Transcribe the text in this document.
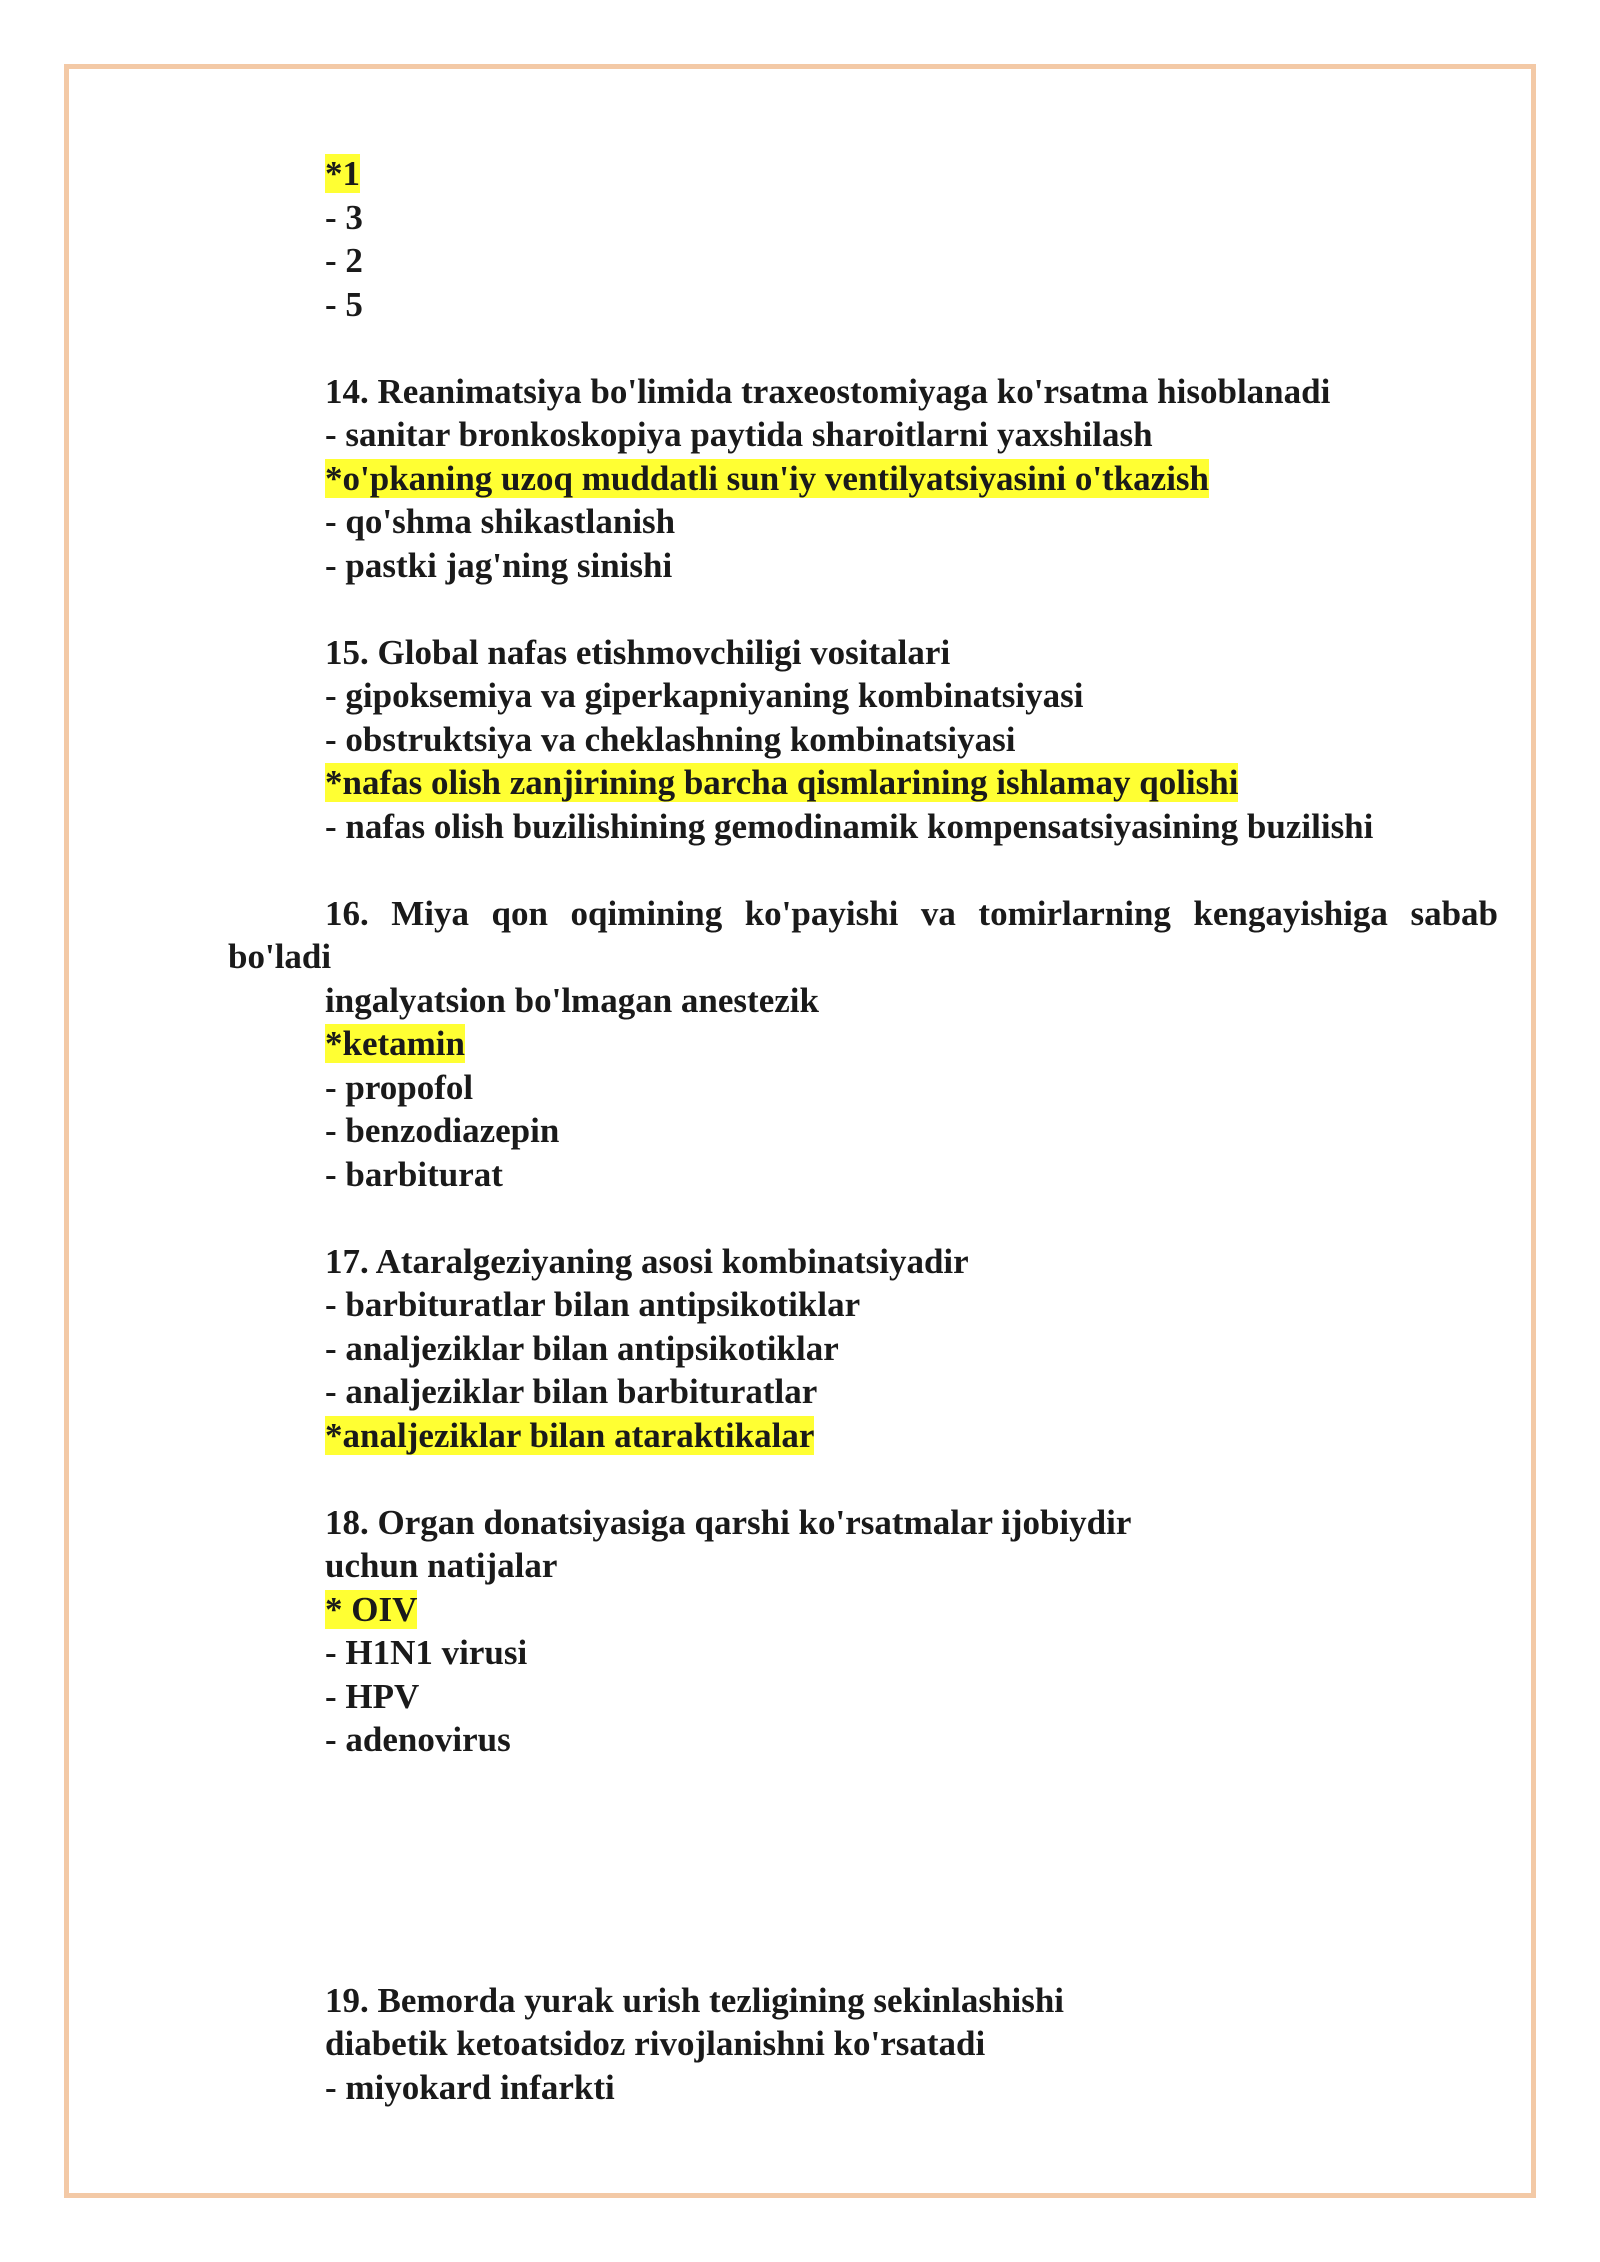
*1
- 3
- 2
- 5
14. Reanimatsiya bo'limida traxeostomiyaga ko'rsatma hisoblanadi
- sanitar bronkoskopiya paytida sharoitlarni yaxshilash
*o'pkaning uzoq muddatli sun'iy ventilyatsiyasini o'tkazish
- qo'shma shikastlanish
- pastki jag'ning sinishi
15. Global nafas etishmovchiligi vositalari
- gipoksemiya va giperkapniyaning kombinatsiyasi
- obstruktsiya va cheklashning kombinatsiyasi
*nafas olish zanjirining barcha qismlarining ishlamay qolishi
- nafas olish buzilishining gemodinamik kompensatsiyasining buzilishi
16. Miya qon oqimining ko'payishi va tomirlarning kengayishiga sabab
bo'ladi
ingalyatsion bo'lmagan anestezik
*ketamin
- propofol
- benzodiazepin
- barbiturat
17. Ataralgeziyaning asosi kombinatsiyadir
- barbituratlar bilan antipsikotiklar
- analjeziklar bilan antipsikotiklar
- analjeziklar bilan barbituratlar
*analjeziklar bilan ataraktikalar
18. Organ donatsiyasiga qarshi ko'rsatmalar ijobiydir
uchun natijalar
* OIV
- H1N1 virusi
- HPV
- adenovirus
19. Bemorda yurak urish tezligining sekinlashishi
diabetik ketoatsidoz rivojlanishni ko'rsatadi
- miyokard infarkti
